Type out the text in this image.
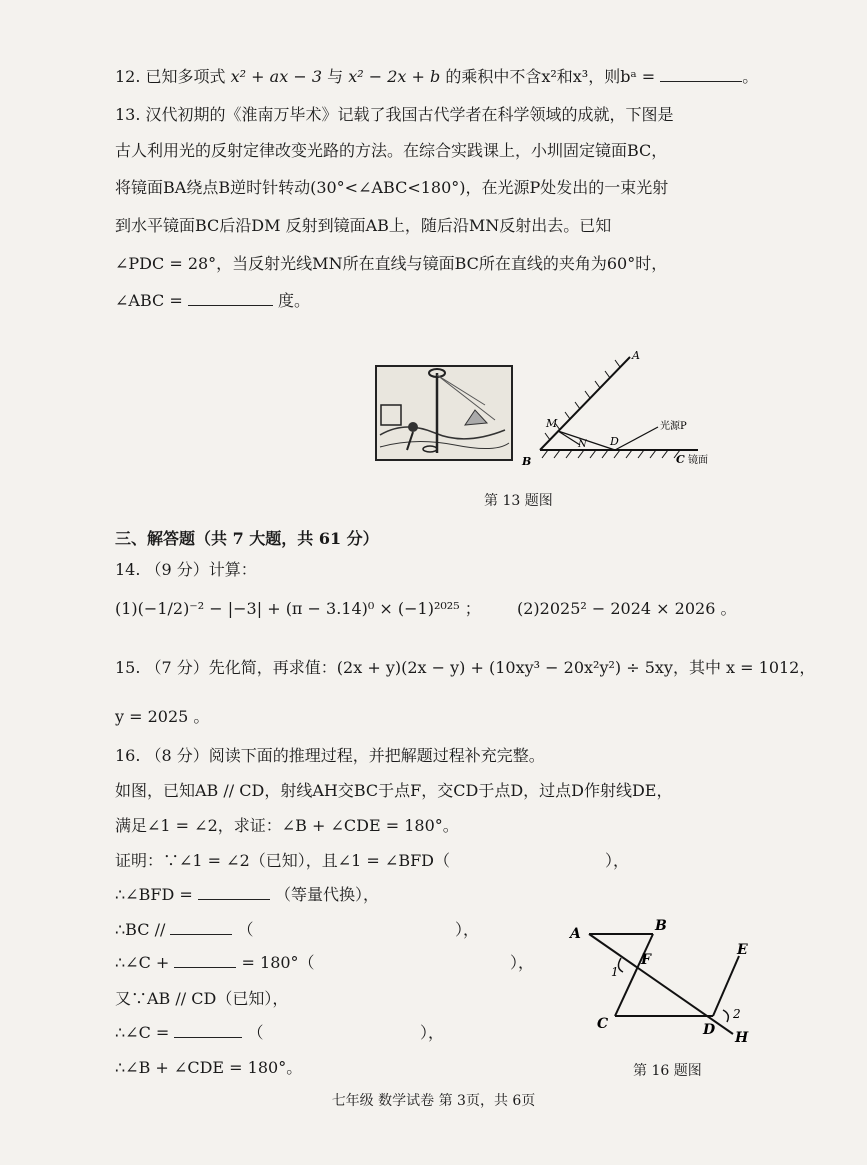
12. 已知多项式 x² + ax − 3 与 x² − 2x + b 的乘积中不含x²和x³，则bᵃ =	。
13. 汉代初期的《淮南万毕术》记载了我国古代学者在科学领域的成就，下图是
古人利用光的反射定律改变光路的方法。在综合实践课上，小圳固定镜面BC，
将镜面BA绕点B逆时针转动(30°<∠ABC<180°)，在光源P处发出的一束光射
到水平镜面BC后沿DM 反射到镜面AB上，随后沿MN反射出去。已知
∠PDC = 28°，当反射光线MN所在直线与镜面BC所在直线的夹角为60°时，
∠ABC =	度。
A
B	C 镜面
M
N D
光源P
第 13 题图
三、解答题（共 7 大题，共 61 分）
14. （9 分）计算：
(1)(−1/2)⁻² − |−3| + (π − 3.14)⁰ × (−1)²⁰²⁵ ； (2)2025² − 2024 × 2026 。
15. （7 分）先化简，再求值：(2x + y)(2x − y) + (10xy³ − 20x²y²) ÷ 5xy，其中 x = 1012，
y = 2025 。
16. （8 分）阅读下面的推理过程，并把解题过程补充完整。
如图，已知AB // CD，射线AH交BC于点F，交CD于点D，过点D作射线DE，
满足∠1 = ∠2，求证：∠B + ∠CDE = 180°。
证明：∵∠1 = ∠2（已知），且∠1 = ∠BFD（	），
∴∠BFD =	（等量代换），
∴BC //	（	），
∴∠C +	= 180°（	），
又∵AB // CD（已知），
∴∠C =	（	），
∴∠B + ∠CDE = 180°。
A	B
C	D
E
F
H
1
2
第 16 题图
七年级 数学试卷 第 3页，共 6页
